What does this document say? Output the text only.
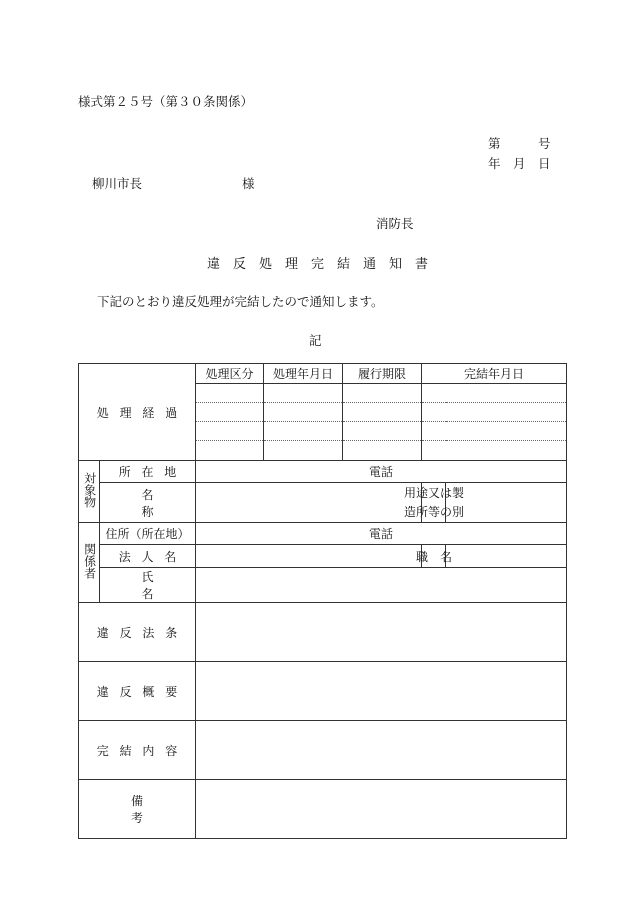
様式第２５号（第３０条関係）
第　　　号
年　月　日
柳川市長　　　　　　　　様
消防長
違　反　処　理　完　結　通　知　書
下記のとおり違反処理が完結したので通知します。
記
処理経過		処理区分	処理年月日	履行期限	完結年月日	

対象物	所在地	電話				
	名称				用途又は製
造所等の別	

関係者	住所（所在地）	電話				
	法人名				職　名	

	氏名					
違反法条						
違反概要						
完結内容						
備考						
